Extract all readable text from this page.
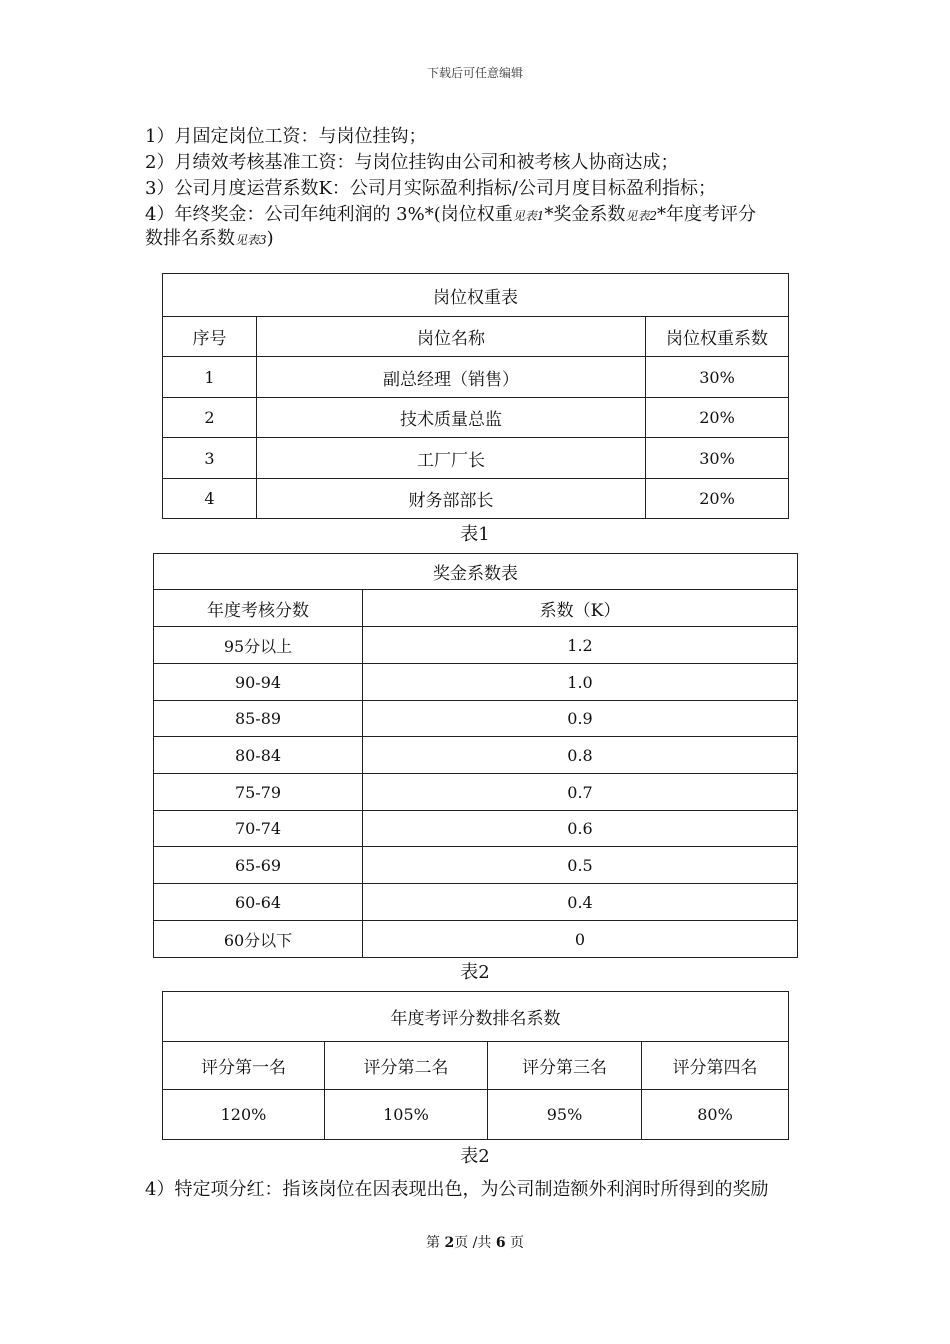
下载后可任意编辑
1）月固定岗位工资：与岗位挂钩；
2）月绩效考核基准工资：与岗位挂钩由公司和被考核人协商达成；
3）公司月度运营系数K：公司月实际盈利指标/公司月度目标盈利指标；
4）年终奖金：公司年纯利润的 3%*(岗位权重见表1*奖金系数见表2*年度考评分
数排名系数见表3)
岗位权重表		
序号	岗位名称	岗位权重系数
1	副总经理（销售）	30%
2	技术质量总监	20%
3	工厂厂长	30%
4	财务部部长	20%
表1
奖金系数表	
年度考核分数	系数（K）
95分以上	1.2
90-94	1.0
85-89	0.9
80-84	0.8
75-79	0.7
70-74	0.6
65-69	0.5
60-64	0.4
60分以下	0
表2
年度考评分数排名系数			
评分第一名	评分第二名	评分第三名	评分第四名
120%	105%	95%	80%
表2
4）特定项分红：指该岗位在因表现出色，为公司制造额外利润时所得到的奖励
第 2页 /共 6 页
